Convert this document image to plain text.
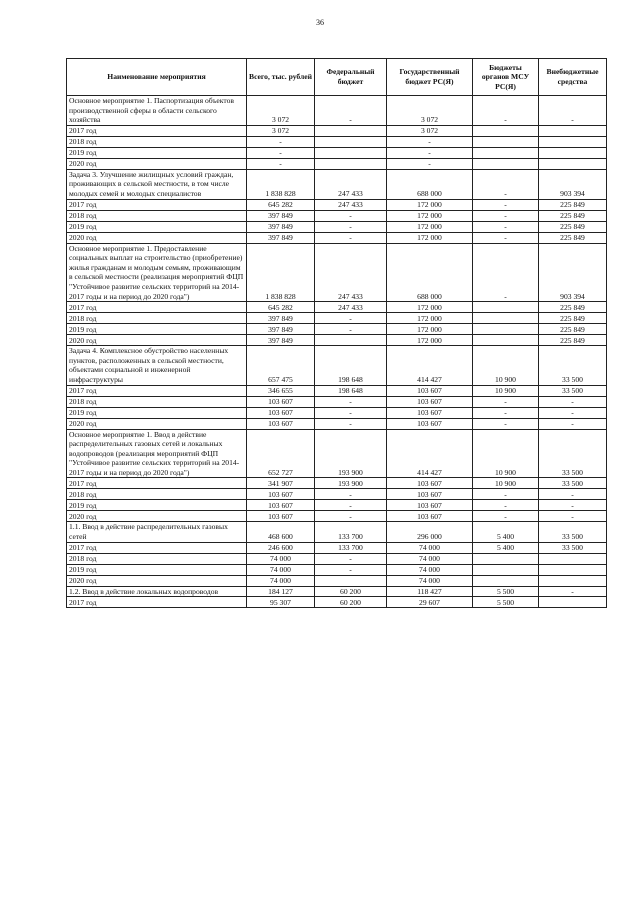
36
Наименование мероприятия	Всего, тыс. рублей	Федеральный бюджет	Государственный бюджет РС(Я)	Бюджеты органов МСУ РС(Я)	Внебюджетные средства
Основное мероприятие 1. Паспортизация объектов производственной сферы в области сельского хозяйства	3 072	-	3 072	-	-
2017 год	3 072		3 072		
2018 год	-		-		
2019 год	-		-		
2020 год	-		-		
Задача 3. Улучшение жилищных условий граждан, проживающих в сельской местности, в том числе молодых семей и молодых специалистов	1 838 828	247 433	688 000	-	903 394
2017 год	645 282	247 433	172 000	-	225 849
2018 год	397 849	-	172 000	-	225 849
2019 год	397 849	-	172 000	-	225 849
2020 год	397 849	-	172 000	-	225 849
Основное мероприятие 1. Предоставление социальных выплат на строительство (приобретение) жилья гражданам и молодым семьям, проживающим в сельской местности (реализация мероприятий ФЦП "Устойчивое развитие сельских территорий на 2014-2017 годы и на период до 2020 года")	1 838 828	247 433	688 000	-	903 394
2017 год	645 282	247 433	172 000		225 849
2018 год	397 849	-	172 000		225 849
2019 год	397 849	-	172 000		225 849
2020 год	397 849		172 000		225 849
Задача 4. Комплексное обустройство населенных пунктов, расположенных в сельской местности, объектами социальной и инженерной инфраструктуры	657 475	198 648	414 427	10 900	33 500
2017 год	346 655	198 648	103 607	10 900	33 500
2018 год	103 607	-	103 607	-	-
2019 год	103 607	-	103 607	-	-
2020 год	103 607	-	103 607	-	-
Основное мероприятие 1. Ввод в действие распределительных газовых сетей и локальных водопроводов (реализация мероприятий ФЦП "Устойчивое развитие сельских территорий на 2014-2017 годы и на период до 2020 года")	652 727	193 900	414 427	10 900	33 500
2017 год	341 907	193 900	103 607	10 900	33 500
2018 год	103 607	-	103 607	-	-
2019 год	103 607	-	103 607	-	-
2020 год	103 607	-	103 607	-	-
1.1. Ввод в действие распределительных газовых сетей	468 600	133 700	296 000	5 400	33 500
2017 год	246 600	133 700	74 000	5 400	33 500
2018 год	74 000	-	74 000		
2019 год	74 000	-	74 000		
2020 год	74 000		74 000		
1.2. Ввод в действие локальных водопроводов	184 127	60 200	118 427	5 500	-
2017 год	95 307	60 200	29 607	5 500	
